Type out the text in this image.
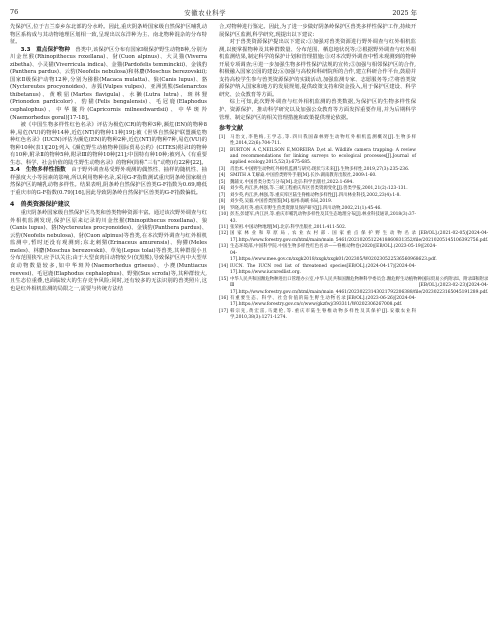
76	安徽农业科学	2025 年

先保护区,位于吉兰泰乡东北部的分水岭。因此,重庆阴条岭国家级自然保护区哺乳动物区系构成与其动物地理区划相一致,呈现出以东洋种为主、南北物种混杂的分布特征。

3.3　重点保护物种　 兽类中,该保护区分布有国家Ⅰ级保护野生动物8种,分别为川金丝猴(Rhinopithecus roxellana)、豺(Cuon alpinus)、大灵猫(Viverra zibetha)、小灵猫(Viverricula indica)、金猫(Pardofelis temminckii)、金钱豹(Panthera pardus)、云豹(Neofelis nebulosa)和林麝(Moschus berezovskii);国家Ⅱ级保护动物12种,分别为猕猴(Macaca mulatta)、狼(Canis lupus)、貉(Nyctereutes procyonoides)、赤狐(Vulpes vulpes)、亚洲黑熊(Selenarctos thibetanus)、黄喉貂(Martes flavigula)、水獭(Lutra lutra)、斑林狸(Prionodon pardicolor)、豹猫(Felis bengalensis)、毛冠鹿(Elaphodus cephalophus)、中华鬣羚(Capricornis milneedwardsii)、中华斑羚(Naemorhedus goral)[17-18]。

被《中国生物多样性红色名录》评估为极危(CR)的物种3种,濒危(EN)的物种8种,易危(VU)的物种14种,近危(NT)的物种11种[19];被《世界自然保护联盟濒危物种红色名录》(IUCN)评估为濒危(EN)的物种2种,近危(NT)的物种7种,易危(VU)的物种10种(表1)[20];列入《濒危野生动植物种国际贸易公约》(CITES)附录Ⅰ的物种有10种,附录Ⅱ的物种5种,附录Ⅲ的物种10种[21];中国特有种10种;被列入《有重要生态、科学、社会价值的陆生野生动物名录》的物种(简称“三有”动物)有22种[22]。

3.4　生物多样性指数　 由于野外调查易受野外观测的偶然性、抽样的随机性、抽样强度大小等因素的影响,所以利用物种名录,采用G-F指数测试重庆阴条岭国家级自然保护区的哺乳动物多样性。结果表明,阴条岭自然保护区兽类G-F指数为0.69,略低于重庆市的G-F指数(0.79)[16],因此导致阴条岭自然保护区兽类的G-F指数偏低。

4　兽类资源保护建议

重庆阴条岭国家级自然保护区鸟类和兽类物种资源丰富。通过该次野外调查与红外相机监测发现,保护区原来记录的川金丝猴(Rhinopithecus roxellana)、狼(Canis lupus)、貉(Nyctereutes procyonoides)、金钱豹(Panthera pardus)、云豹(Neofelis nebulosa)、豺(Cuon alpinus)等兽类,在本次野外调查与红外相机监测中,暂时还没有观测到;东北刺猬(Erinaceus amurensis)、狗獾(Meles meles)、林麝(Moschus berezovskii)、草兔(Lepus tolai)等兽类,其种群很小且分布范围狭窄,应予以关注;由于大型食肉目动物较少(仅黑熊),导致保护区内中大型草食动物数量较多,如中华斑羚(Naemorhedus griseus)、小麂(Muntiacus reevesi)、毛冠鹿(Elaphodus cephalophus)、野猪(Sus scrofa)等,其种群较大,且生态位重叠,也面临较大的生存竞争风险;同时,还有较多的无法识别的兽类照片,这也是红外相机监测的局限之一,需要与传统方法结

合,对物种进行鉴定。因此,为了进一步做好阴条岭保护区兽类多样性保护工作,持续开展保护区监测,科学研究,现提出以下建议:

对于兽类资源保护提出以下建议:①加强对兽类资源进行野外调查与红外相机监测,以便掌握物种及其种群数量、分布范围、栖息地状况等;②根据野外调查与红外相机监测结果,制定科学的保护计划和管理措施;③对本次野外调查中暂未观测到的物种开展专项调查;④进一步加强生物多样性保护法规的宣传;⑤加强与相邻保护区的合作,积极融入国家公园的建设;⑥加强与高校和科研院所的合作,建立科研合作平台,鼓励并支持高校学生参与兽类资源保护的实践活动,加强监测专家、志愿服务等;⑦将兽类资源保护纳入国家和地方的发展规划,提供政策支持和资金投入,用于保护区建设、科学研究、公众教育等方面。

综上可知,此次野外调查与红外相机监测的兽类数据,为保护区的生物多样性保护、资源保护、推动科学研究以及加强公众教育等方面发挥重要作用,并为后期科学管理、制定保护区的相关管理措施和政策提供理论依据。

参考文献
[1]	马治文,李艳梅,王学志,等.四川我国森林野生动物红外相机监测概况[J].生物多样性,2014,22(6):704-711.
[2]	BURTON A C,NEILSON E,MOREIRA D,et al. Wildlife camera trapping: A review and recommendations for linking surveys to ecological processes[J].Journal of applied ecology,2015,52(3):675-685.
[3]	肖治术.中国野生动物红外相机监测与研究:现状与未来[J].生物多样性,2019,27(3):235-236.
[4]	SMITH A T,解焱.中国兽类野外手册[M].长沙:湖南教育出版社,2009:1-60.
[5]	魏辅文.中国兽类分类与分布[M].北京:科学出版社,2022:1-694.
[6]	刘少英,冉江洪,林强,等.三峡工程重庆库区兽类资源变化[J].兽类学报,2001,21(2):123-131.
[7]	刘少英,冉江洪,林强,等.重庆库区陆生脊椎动物多样性[J].四川林业科技,2002,23(4):1-8.
[8]	刘少英,吴毅.中国兽类图鉴[M].福州:海峡书局,2019.
[9]	罗晓,高红英.重庆市野生兽类资源及保护研究[J].四川动物,2002,21(1):45-46.
[10] 彭杰,彭建军,冉江洪,等.重庆市哺乳动物多样性及其生态地理分布[J].林业科技通讯,2018(3):37-43.
[11] 张荣祖.中国动物地理[M].北京:科学出版社,2011:411-502.
[12] 国家林业和草原局,农业农村部.国家重点保护野生动物名录[EB/OL].(2021-02-05)[2024-04-17].http://www.forestry.gov.cn/html/main/main_5461/20210205122418860831352/file/20210205145106392756.pdf.
[13] 生态环境部,中国科学院.中国生物多样性红色名录——脊椎动物卷(2020)[EB/OL].(2023-05-19)[2024-04-17].https://www.mee.gov.cn/xxgk2018/xxgk/xxgk01/202305/W020230522536560968623.pdf.
[14] IUCN. The IUCN red list of threatened species[EB/OL].(2024-04-17)[2024-04-17].https://www.iucnredlist.org.
[15] 中华人民共和国濒危物种进出口管理办公室,中华人民共和国濒危物种科学委员会.濒危野生动植物种国际贸易公约附录Ⅰ、附录Ⅱ和附录Ⅲ[EB/OL].(2023-02-23)[2024-04-17].http://www.forestry.gov.cn/html/main/main_4461/20230223143021792206388/file/20230223165045191289.pdf.
[16] 有重要生态、科学、社会价值的陆生野生动物名录[EB/OL].(2023-06-26)[2024-04-17].https://www.forestry.gov.cn/c/www/gkzfwj/393311/W0202306267008.pdf.
[17] 韩宗先,黄宏雷,马建伦,等.重庆市陆生脊椎动物多样性及其保护[J].安徽农业科学,2010,38(3):1271-1274.
